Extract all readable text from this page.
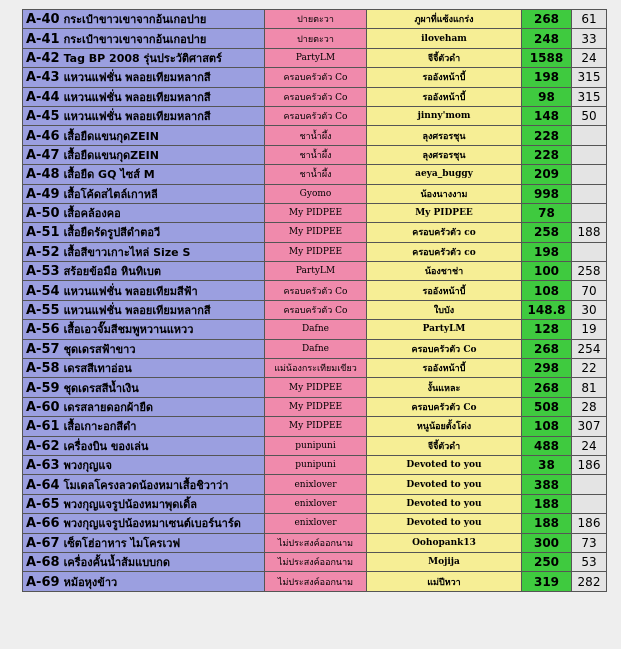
A-40 กระเป๋าขาวเขาจากอ้นเกอปาย	ปายตะวา	ภูผาที่แซ้งแกร่ง	268	61
A-41 กระเป๋าขาวเขาจากอ้นเกอปาย	ปายตะวา	iloveham	248	33
A-42 Tag BP 2008 รุ่นประวัติศาสตร์	PartyLM	จีจี้ตัวดำ	1588	24
A-43 แหวนแฟชั่น พลอยเทียมหลากสี	ครอบครัวตัว Co	รออังหน้าบี้	198	315
A-44 แหวนแฟชั่น พลอยเทียมหลากสี	ครอบครัวตัว Co	รออังหน้าบี้	98	315
A-45 แหวนแฟชั่น พลอยเทียมหลากสี	ครอบครัวตัว Co	jinny'mom	148	50
A-46 เสื้อยืดแขนกุดZEIN	ชาน้ำผึ้ง	ลุงศรอรชุน	228	
A-47 เสื้อยืดแขนกุดZEIN	ชาน้ำผึ้ง	ลุงศรอรชุน	228	
A-48 เสื้อยืด GQ ไซส์ M	ชาน้ำผึ้ง	aeya_buggy	209	
A-49 เสื้อโค้ดสไตล์เกาหลี	Gyomo	น้องนางงาม	998	
A-50 เสื้อคล้องคอ	My PIDPEE	My PIDPEE	78	
A-51 เสื้อยืดรัดรูปสีดำตอวี	My PIDPEE	ครอบครัวตัว co	258	188
A-52 เสื้อสีขาวเกาะไหล่ Size S	My PIDPEE	ครอบครัวตัว co	198	
A-53 สร้อยข้อมือ หินทิเบต	PartyLM	น้องชาช่า	100	258
A-54 แหวนแฟชั่น พลอยเทียมสีฟ้า	ครอบครัวตัว Co	รออังหน้าบี้	108	70
A-55 แหวนแฟชั่น พลอยเทียมหลากสี	ครอบครัวตัว Co	ใบบัง	148.8	30
A-56 เสื้อเอวจั๊มสีชมพูหวานแหวว	Dafne	PartyLM	128	19
A-57 ชุดเดรสฟ้าขาว	Dafne	ครอบครัวตัว Co	268	254
A-58 เดรสสีเทาอ่อน	แม่น้องกระเทียมเขียว	รออังหน้าบี้	298	22
A-59 ชุดเดรสสีน้ำเงิน	My PIDPEE	งั้นแหละ	268	81
A-60 เดรสลายดอกผ้ายืด	My PIDPEE	ครอบครัวตัว Co	508	28
A-61 เสื้อเกาะอกสีดำ	My PIDPEE	หนูน้อยตั้งโด่ง	108	307
A-62 เครื่องบิน ของเล่น	punipuni	จีจี้ตัวดำ	488	24
A-63 พวงกุญแจ	punipuni	Devoted to you	38	186
A-64 โมเดลโครงลวดน้องหมาเสื้อชิวาว่า	enixlover	Devoted to you	388	
A-65 พวงกุญแจรูปน้องหมาพุดเดิ้ล	enixlover	Devoted to you	188	
A-66 พวงกุญแจรูปน้องหมาเซนต์เบอร์นาร์ด	enixlover	Devoted to you	188	186
A-67 เซ็ตโฮ่อาหาร ไมโครเวฟ	ไม่ประสงค์ออกนาม	Oohopank13	300	73
A-68 เครื่องคั้นน้ำส้มแบบกด	ไม่ประสงค์ออกนาม	Mojija	250	53
A-69 หม้อหุงข้าว	ไม่ประสงค์ออกนาม	แม่ปีหวา	319	282
